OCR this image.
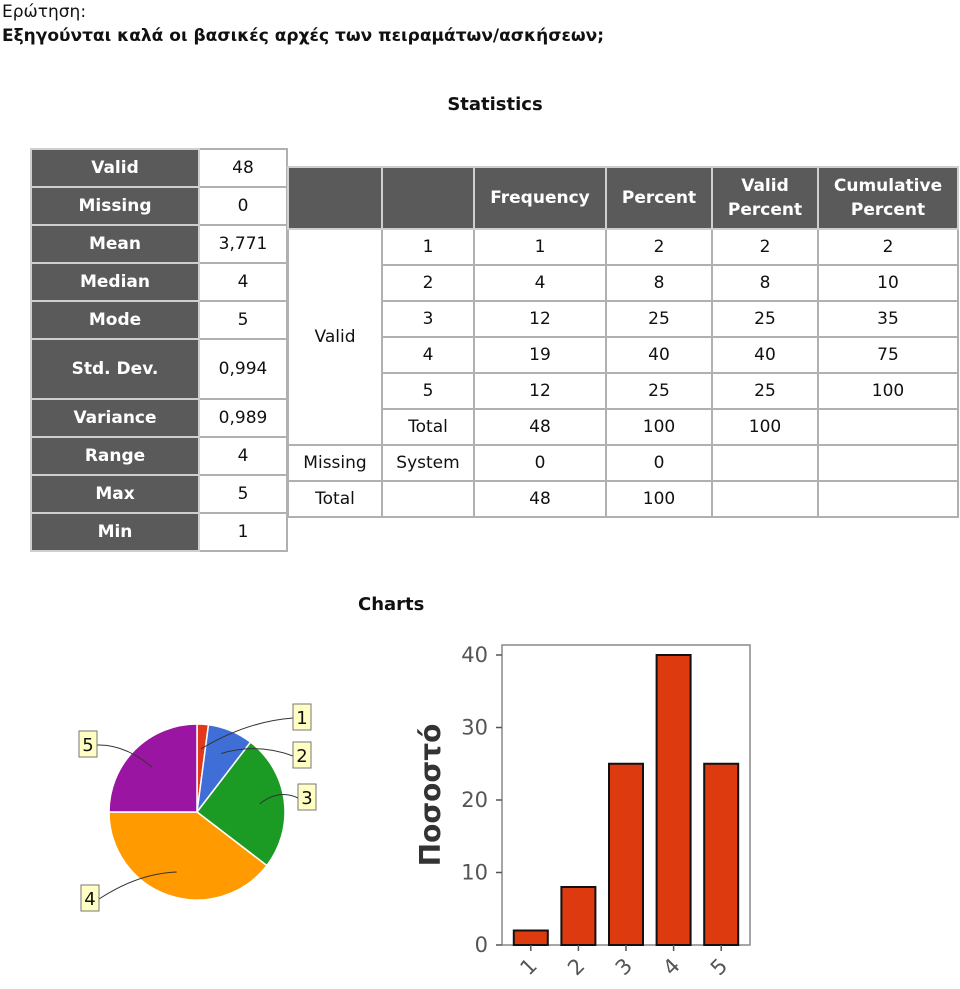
Ερώτηση:
Εξηγούνται καλά οι βασικές αρχές των πειραμάτων/ασκήσεων;
Statistics
Valid	48
Missing	0
Mean	3,771
Median	4
Mode	5
Std. Dev.	0,994
Variance	0,989
Range	4
Max	5
Min	1
		Frequency	Percent	Valid Percent	Cumulative Percent
Valid	1	1	2	2	2
	2	4	8	8	10
	3	12	25	25	35
	4	19	40	40	75
	5	12	25	25	100
	Total	48	100	100	
Missing	System	0	0		
Total		48	100		
Charts
1
2
3
4
5
0
10
20
30
40
1 2 3 4 5
Ποσοστό
